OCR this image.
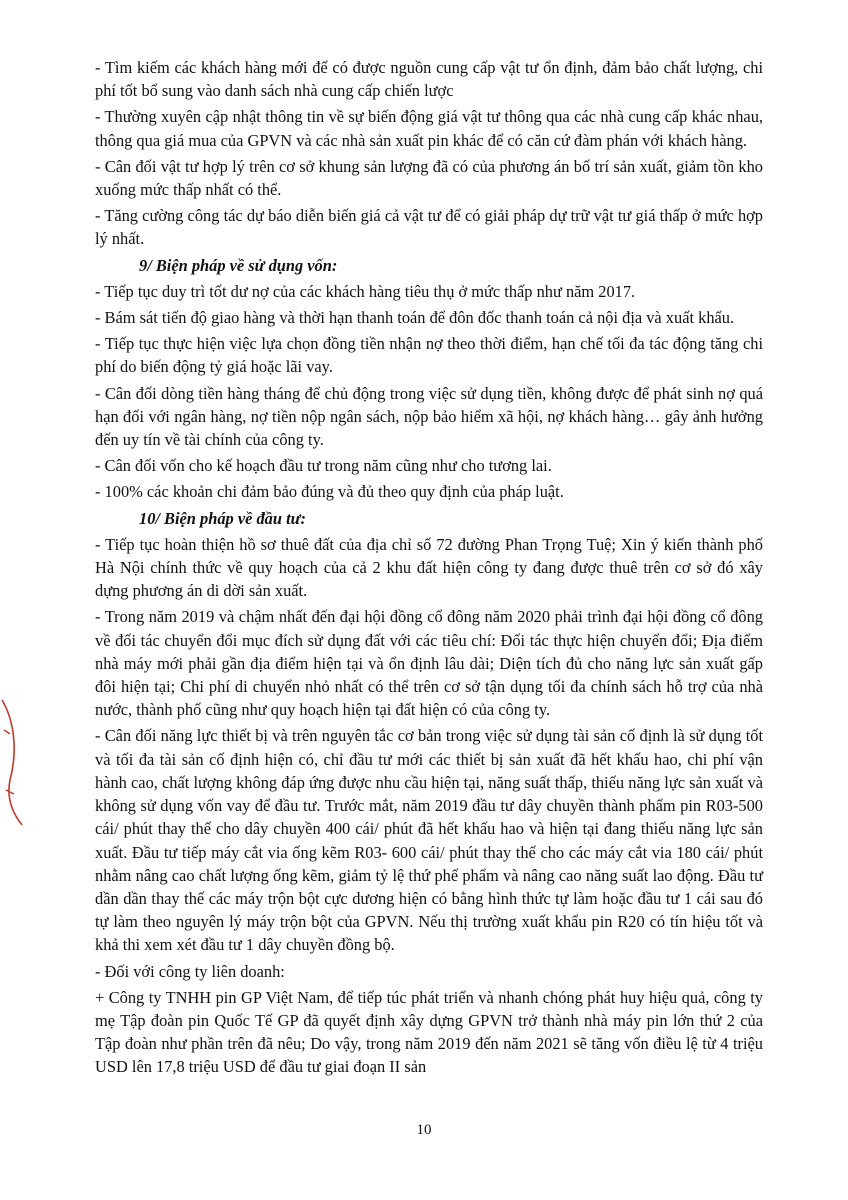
- Tìm kiếm các khách hàng mới để có được nguồn cung cấp vật tư ổn định, đảm bảo chất lượng, chi phí tốt bổ sung vào danh sách nhà cung cấp chiến lược

- Thường xuyên cập nhật thông tin về sự biến động giá vật tư thông qua các nhà cung cấp khác nhau, thông qua giá mua của GPVN và các nhà sản xuất pin khác để có căn cứ đàm phán với khách hàng.

- Cân đối vật tư hợp lý trên cơ sở khung sản lượng đã có của phương án bố trí sản xuất, giảm tồn kho xuống mức thấp nhất có thể.

- Tăng cường công tác dự báo diễn biến giá cả vật tư để có giải pháp dự trữ vật tư giá thấp ở mức hợp lý nhất.

9/ Biện pháp về sử dụng vốn:

- Tiếp tục duy trì tốt dư nợ của các khách hàng tiêu thụ ở mức thấp như năm 2017.

- Bám sát tiến độ giao hàng và thời hạn thanh toán để đôn đốc thanh toán cả nội địa và xuất khẩu.

- Tiếp tục thực hiện việc lựa chọn đồng tiền nhận nợ theo thời điểm, hạn chế tối đa tác động tăng chi phí do biến động tỷ giá hoặc lãi vay.

- Cân đối dòng tiền hàng tháng để chủ động trong việc sử dụng tiền, không được để phát sinh nợ quá hạn đối với ngân hàng, nợ tiền nộp ngân sách, nộp bảo hiểm xã hội, nợ khách hàng… gây ảnh hưởng đến uy tín về tài chính của công ty.

- Cân đối vốn cho kế hoạch đầu tư trong năm cũng như cho tương lai.

- 100% các khoản chi đảm bảo đúng và đủ theo quy định của pháp luật.

10/ Biện pháp về đầu tư:

- Tiếp tục hoàn thiện hồ sơ thuê đất của địa chỉ số 72 đường Phan Trọng Tuệ; Xin ý kiến thành phố Hà Nội chính thức về quy hoạch của cả 2 khu đất hiện công ty đang được thuê trên cơ sở đó xây dựng phương án di dời sản xuất.

- Trong năm 2019 và chậm nhất đến đại hội đồng cổ đông năm 2020 phải trình đại hội đồng cổ đông về đối tác chuyển đổi mục đích sử dụng đất với các tiêu chí: Đối tác thực hiện chuyển đổi; Địa điểm nhà máy mới phải gần địa điểm hiện tại và ổn định lâu dài; Diện tích đủ cho năng lực sản xuất gấp đôi hiện tại; Chi phí di chuyển nhỏ nhất có thể trên cơ sở tận dụng tối đa chính sách hỗ trợ của nhà nước, thành phố cũng như quy hoạch hiện tại đất hiện có của công ty.

- Cân đối năng lực thiết bị và trên nguyên tắc cơ bản trong việc sử dụng tài sản cố định là sử dụng tốt và tối đa tài sản cố định hiện có, chỉ đầu tư mới các thiết bị sản xuất đã hết khấu hao, chi phí vận hành cao, chất lượng không đáp ứng được nhu cầu hiện tại, năng suất thấp, thiếu năng lực sản xuất và không sử dụng vốn vay để đầu tư. Trước mắt, năm 2019 đầu tư dây chuyền thành phẩm pin R03-500 cái/ phút thay thế cho dây chuyền 400 cái/ phút đã hết khấu hao và hiện tại đang thiếu năng lực sản xuất. Đầu tư tiếp máy cắt via ống kẽm R03- 600 cái/ phút thay thế cho các máy cắt via 180 cái/ phút nhằm nâng cao chất lượng ống kẽm, giảm tỷ lệ thứ phế phẩm và nâng cao năng suất lao động. Đầu tư dần dần thay thế các máy trộn bột cực dương hiện có bằng hình thức tự làm hoặc đầu tư 1 cái sau đó tự làm theo nguyên lý máy trộn bột của GPVN. Nếu thị trường xuất khẩu pin R20 có tín hiệu tốt và khả thi xem xét đầu tư 1 dây chuyền đồng bộ.

- Đối với công ty liên doanh:

+ Công ty TNHH pin GP Việt Nam, để tiếp túc phát triển và nhanh chóng phát huy hiệu quả, công ty mẹ Tập đoàn pin Quốc Tế GP đã quyết định xây dựng GPVN trở thành nhà máy pin lớn thứ 2 của Tập đoàn như phần trên đã nêu; Do vậy, trong năm 2019 đến năm 2021 sẽ tăng vốn điều lệ từ 4 triệu USD lên 17,8 triệu USD để đầu tư giai đoạn II sản

10
